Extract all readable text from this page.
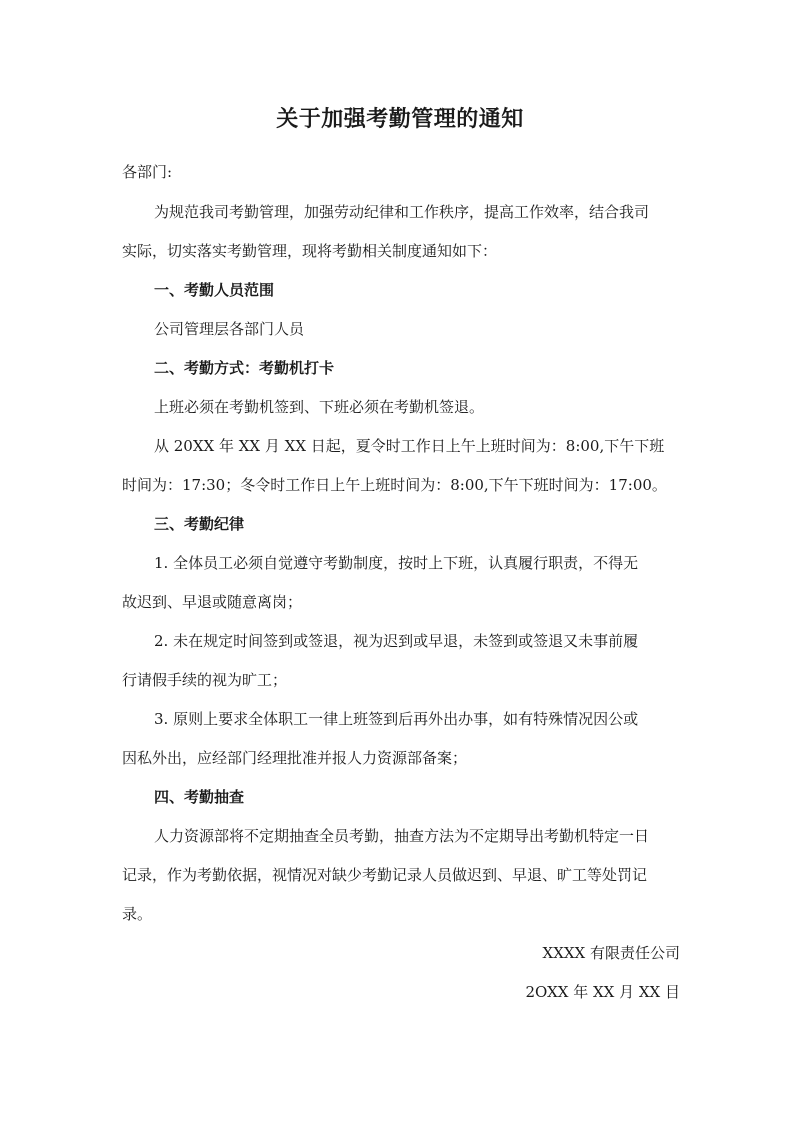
关于加强考勤管理的通知
各部门:
为规范我司考勤管理，加强劳动纪律和工作秩序，提高工作效率，结合我司
实际，切实落实考勤管理，现将考勤相关制度通知如下：
一、考勤人员范围
公司管理层各部门人员
二、考勤方式：考勤机打卡
上班必须在考勤机签到、下班必须在考勤机签退。
从 20XX 年 XX 月 XX 日起，夏令时工作日上午上班时间为：8:00,下午下班
时间为：17:30；冬令时工作日上午上班时间为：8:00,下午下班时间为：17:00。
三、考勤纪律
1. 全体员工必须自觉遵守考勤制度，按时上下班，认真履行职责，不得无
故迟到、早退或随意离岗；
2. 未在规定时间签到或签退，视为迟到或早退，未签到或签退又未事前履
行请假手续的视为旷工；
3. 原则上要求全体职工一律上班签到后再外出办事，如有特殊情况因公或
因私外出，应经部门经理批准并报人力资源部备案；
四、考勤抽查
人力资源部将不定期抽查全员考勤，抽查方法为不定期导出考勤机特定一日
记录，作为考勤依据，视情况对缺少考勤记录人员做迟到、早退、旷工等处罚记
录。
XXXX 有限责任公司
2OXX 年 XX 月 XX 目
